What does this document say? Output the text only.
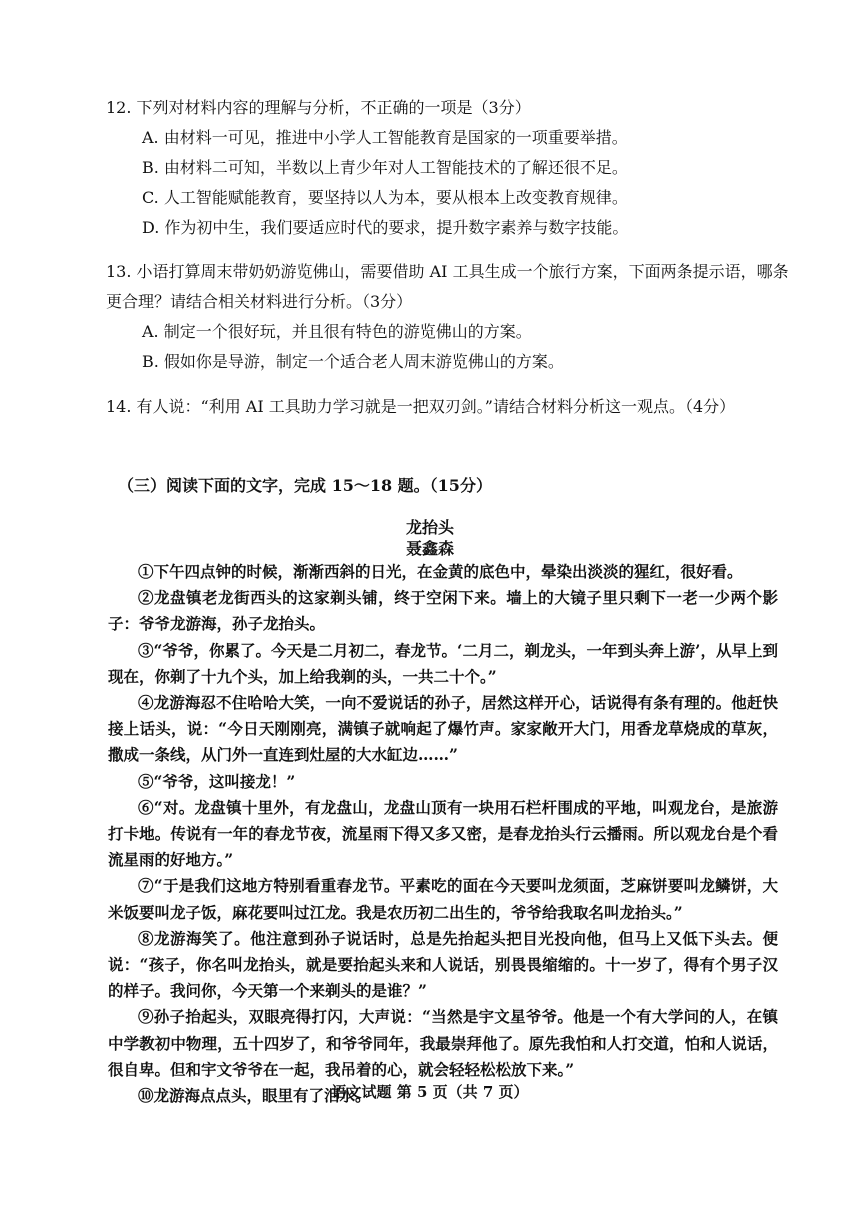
12. 下列对材料内容的理解与分析，不正确的一项是（3分）
A. 由材料一可见，推进中小学人工智能教育是国家的一项重要举措。
B. 由材料二可知，半数以上青少年对人工智能技术的了解还很不足。
C. 人工智能赋能教育，要坚持以人为本，要从根本上改变教育规律。
D. 作为初中生，我们要适应时代的要求，提升数字素养与数字技能。
13. 小语打算周末带奶奶游览佛山，需要借助 AI 工具生成一个旅行方案，下面两条提示语，哪条更合理？请结合相关材料进行分析。（3分）
A. 制定一个很好玩，并且很有特色的游览佛山的方案。
B. 假如你是导游，制定一个适合老人周末游览佛山的方案。
14. 有人说：“利用 AI 工具助力学习就是一把双刃剑。”请结合材料分析这一观点。（4分）
（三）阅读下面的文字，完成 15～18 题。（15分）
龙抬头
聂鑫森

①下午四点钟的时候，渐渐西斜的日光，在金黄的底色中，晕染出淡淡的猩红，很好看。

②龙盘镇老龙街西头的这家剃头铺，终于空闲下来。墙上的大镜子里只剩下一老一少两个影子：爷爷龙游海，孙子龙抬头。

③“爷爷，你累了。今天是二月初二，春龙节。‘二月二，剃龙头，一年到头奔上游’，从早上到现在，你剃了十九个头，加上给我剃的头，一共二十个。”

④龙游海忍不住哈哈大笑，一向不爱说话的孙子，居然这样开心，话说得有条有理的。他赶快接上话头，说：“今日天刚刚亮，满镇子就响起了爆竹声。家家敞开大门，用香龙草烧成的草灰，撒成一条线，从门外一直连到灶屋的大水缸边……”

⑤“爷爷，这叫接龙！”

⑥“对。龙盘镇十里外，有龙盘山，龙盘山顶有一块用石栏杆围成的平地，叫观龙台，是旅游打卡地。传说有一年的春龙节夜，流星雨下得又多又密，是春龙抬头行云播雨。所以观龙台是个看流星雨的好地方。”

⑦“于是我们这地方特别看重春龙节。平素吃的面在今天要叫龙须面，芝麻饼要叫龙鳞饼，大米饭要叫龙子饭，麻花要叫过江龙。我是农历初二出生的，爷爷给我取名叫龙抬头。”

⑧龙游海笑了。他注意到孙子说话时，总是先抬起头把目光投向他，但马上又低下头去。便说：“孩子，你名叫龙抬头，就是要抬起头来和人说话，别畏畏缩缩的。十一岁了，得有个男子汉的样子。我问你，今天第一个来剃头的是谁？”

⑨孙子抬起头，双眼亮得打闪，大声说：“当然是宇文星爷爷。他是一个有大学问的人，在镇中学教初中物理，五十四岁了，和爷爷同年，我最崇拜他了。原先我怕和人打交道，怕和人说话，很自卑。但和宇文爷爷在一起，我吊着的心，就会轻轻松松放下来。”

⑩龙游海点点头，眼里有了泪水。

语文试题 第 5 页（共 7 页）
